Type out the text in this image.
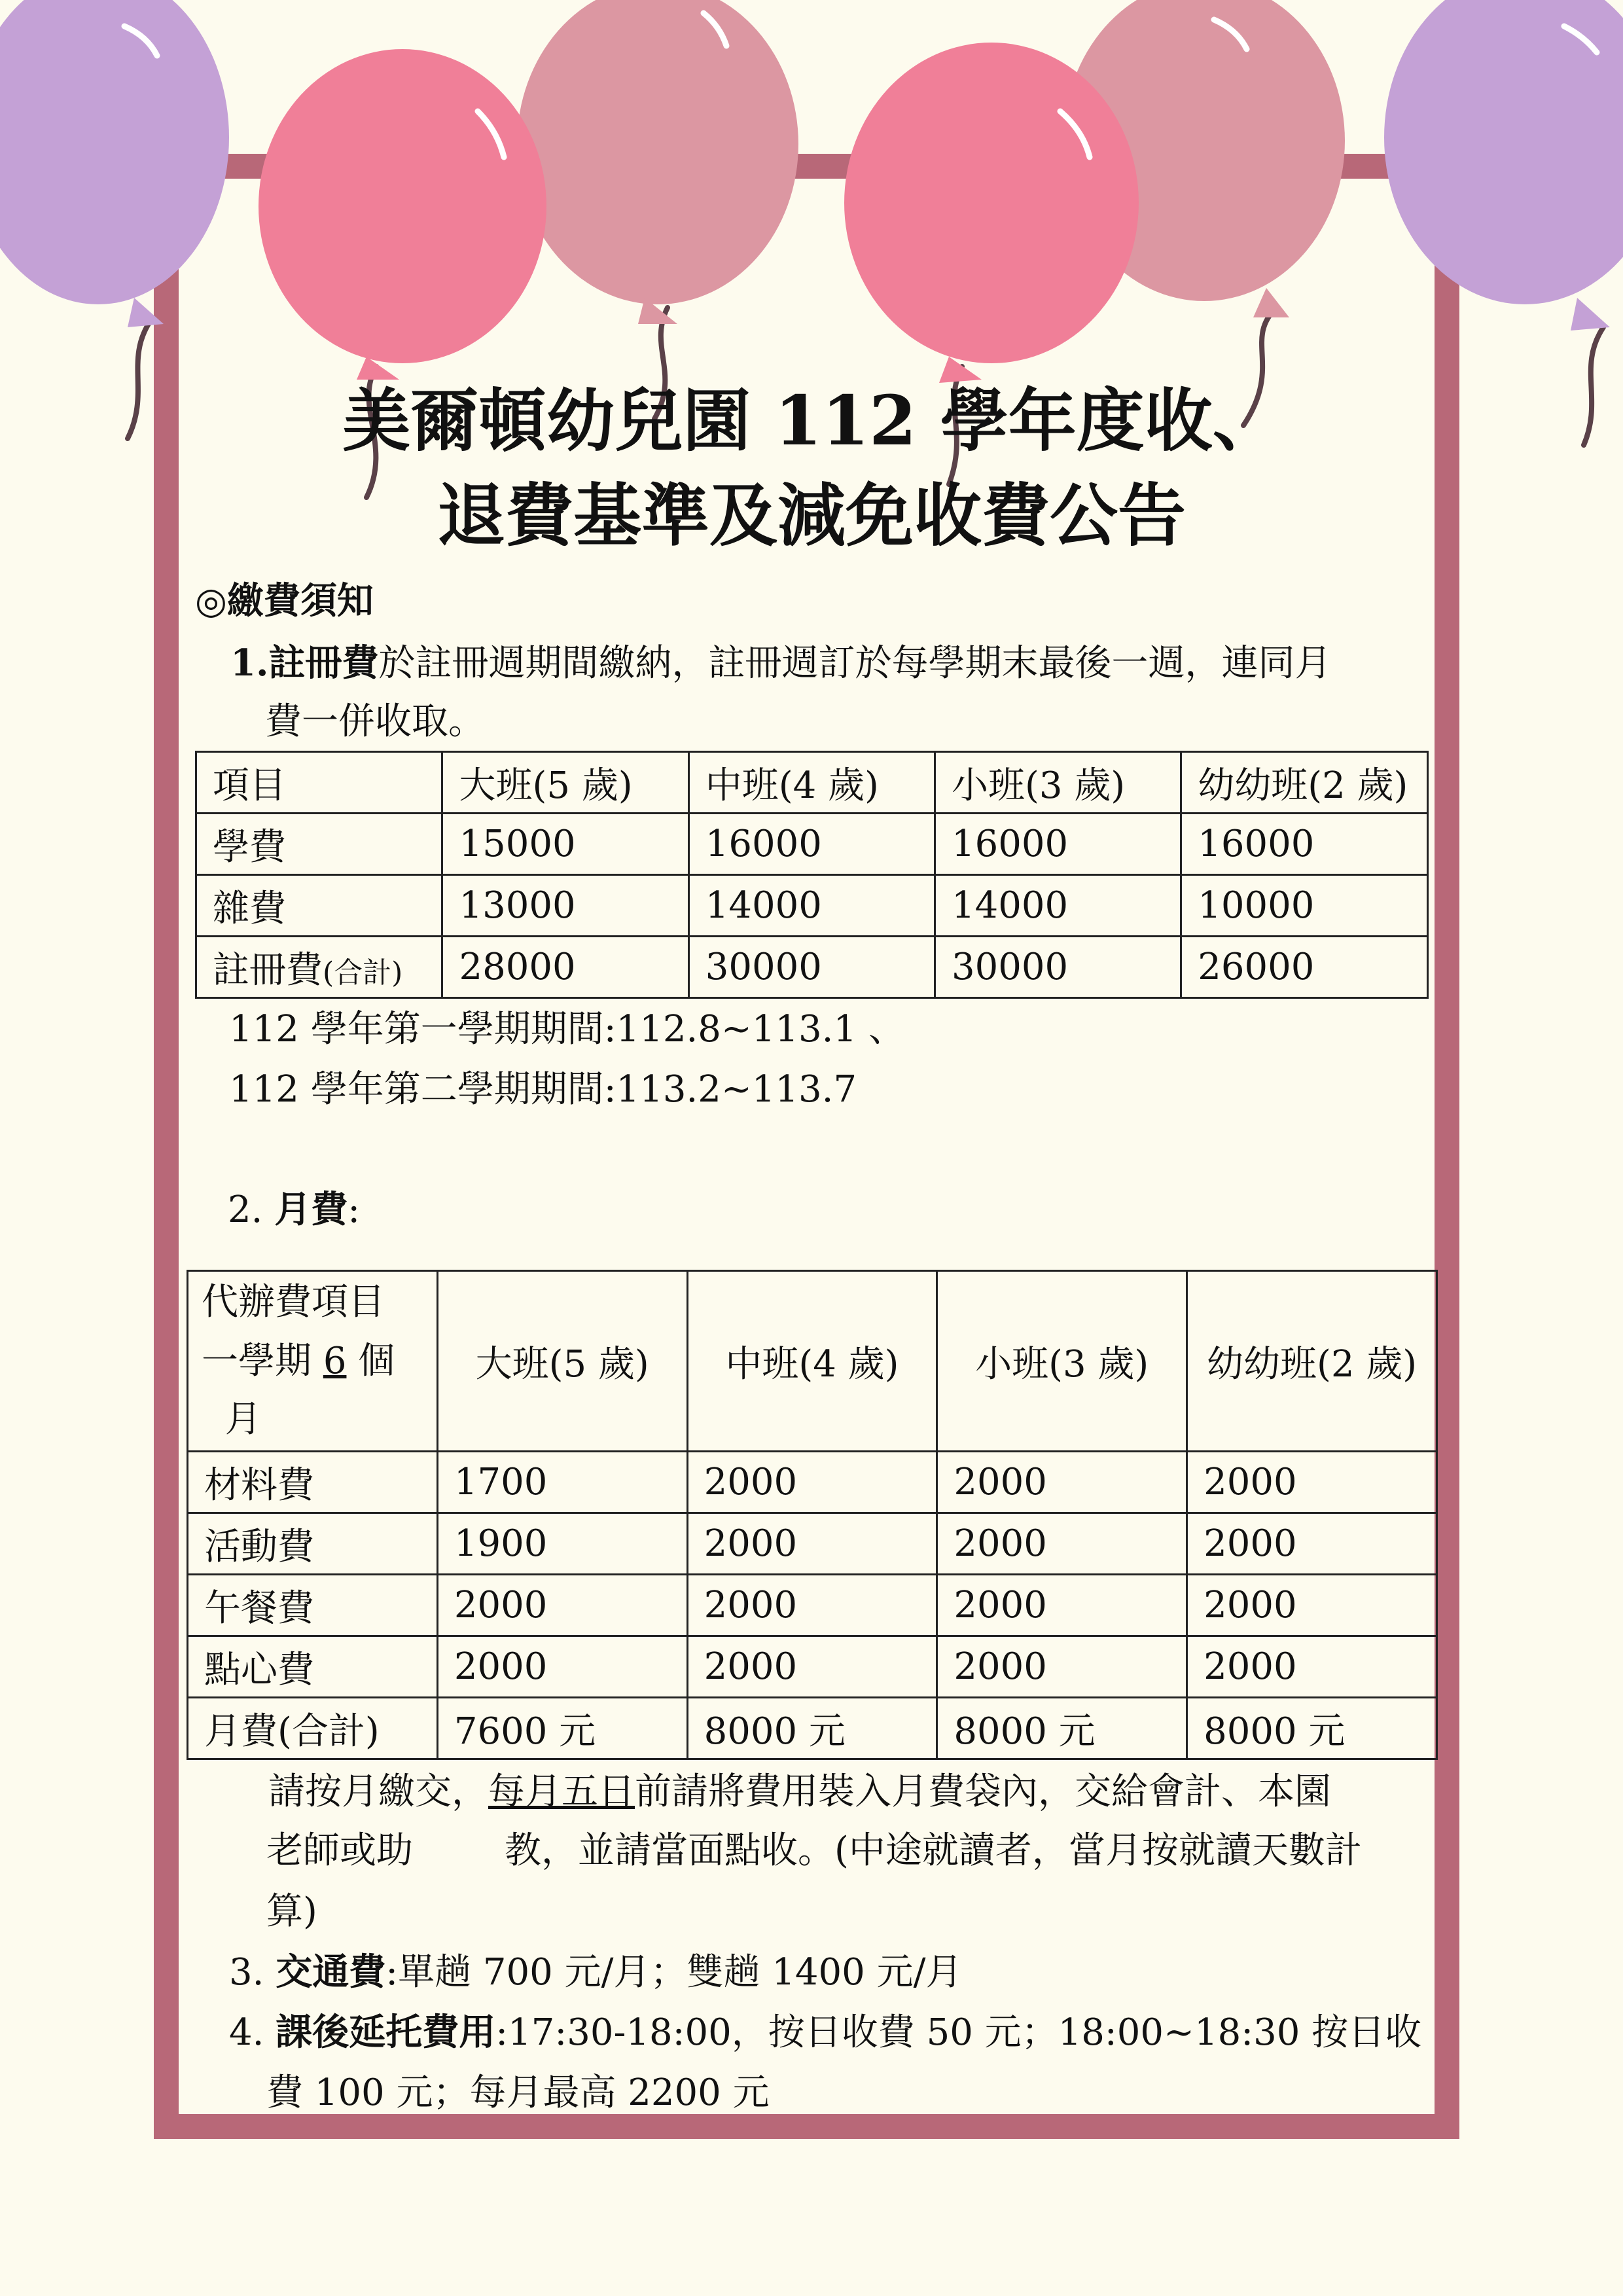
美爾頓幼兒園 112 學年度收、
退費基準及減免收費公告
◎繳費須知
1.註冊費於註冊週期間繳納，註冊週訂於每學期末最後一週，連同月
費一併收取。
項目	大班(5 歲)	中班(4 歲)	小班(3 歲)	幼幼班(2 歲)
學費	15000	16000	16000	16000
雜費	13000	14000	14000	10000
註冊費(合計)	28000	30000	30000	26000
112 學年第一學期期間:112.8~113.1 、
112 學年第二學期期間:113.2~113.7
2. 月費:
代辦費項目
一學期 6 個
月	大班(5 歲)	中班(4 歲)	小班(3 歲)	幼幼班(2 歲)
材料費	1700	2000	2000	2000
活動費	1900	2000	2000	2000
午餐費	2000	2000	2000	2000
點心費	2000	2000	2000	2000
月費(合計)	7600 元	8000 元	8000 元	8000 元
請按月繳交，每月五日前請將費用裝入月費袋內，交給會計、本園
老師或助	教，並請當面點收。(中途就讀者，當月按就讀天數計
算)
3. 交通費:單趟 700 元/月；雙趟 1400 元/月
4. 課後延托費用:17:30-18:00，按日收費 50 元；18:00~18:30 按日收
費 100 元；每月最高 2200 元
